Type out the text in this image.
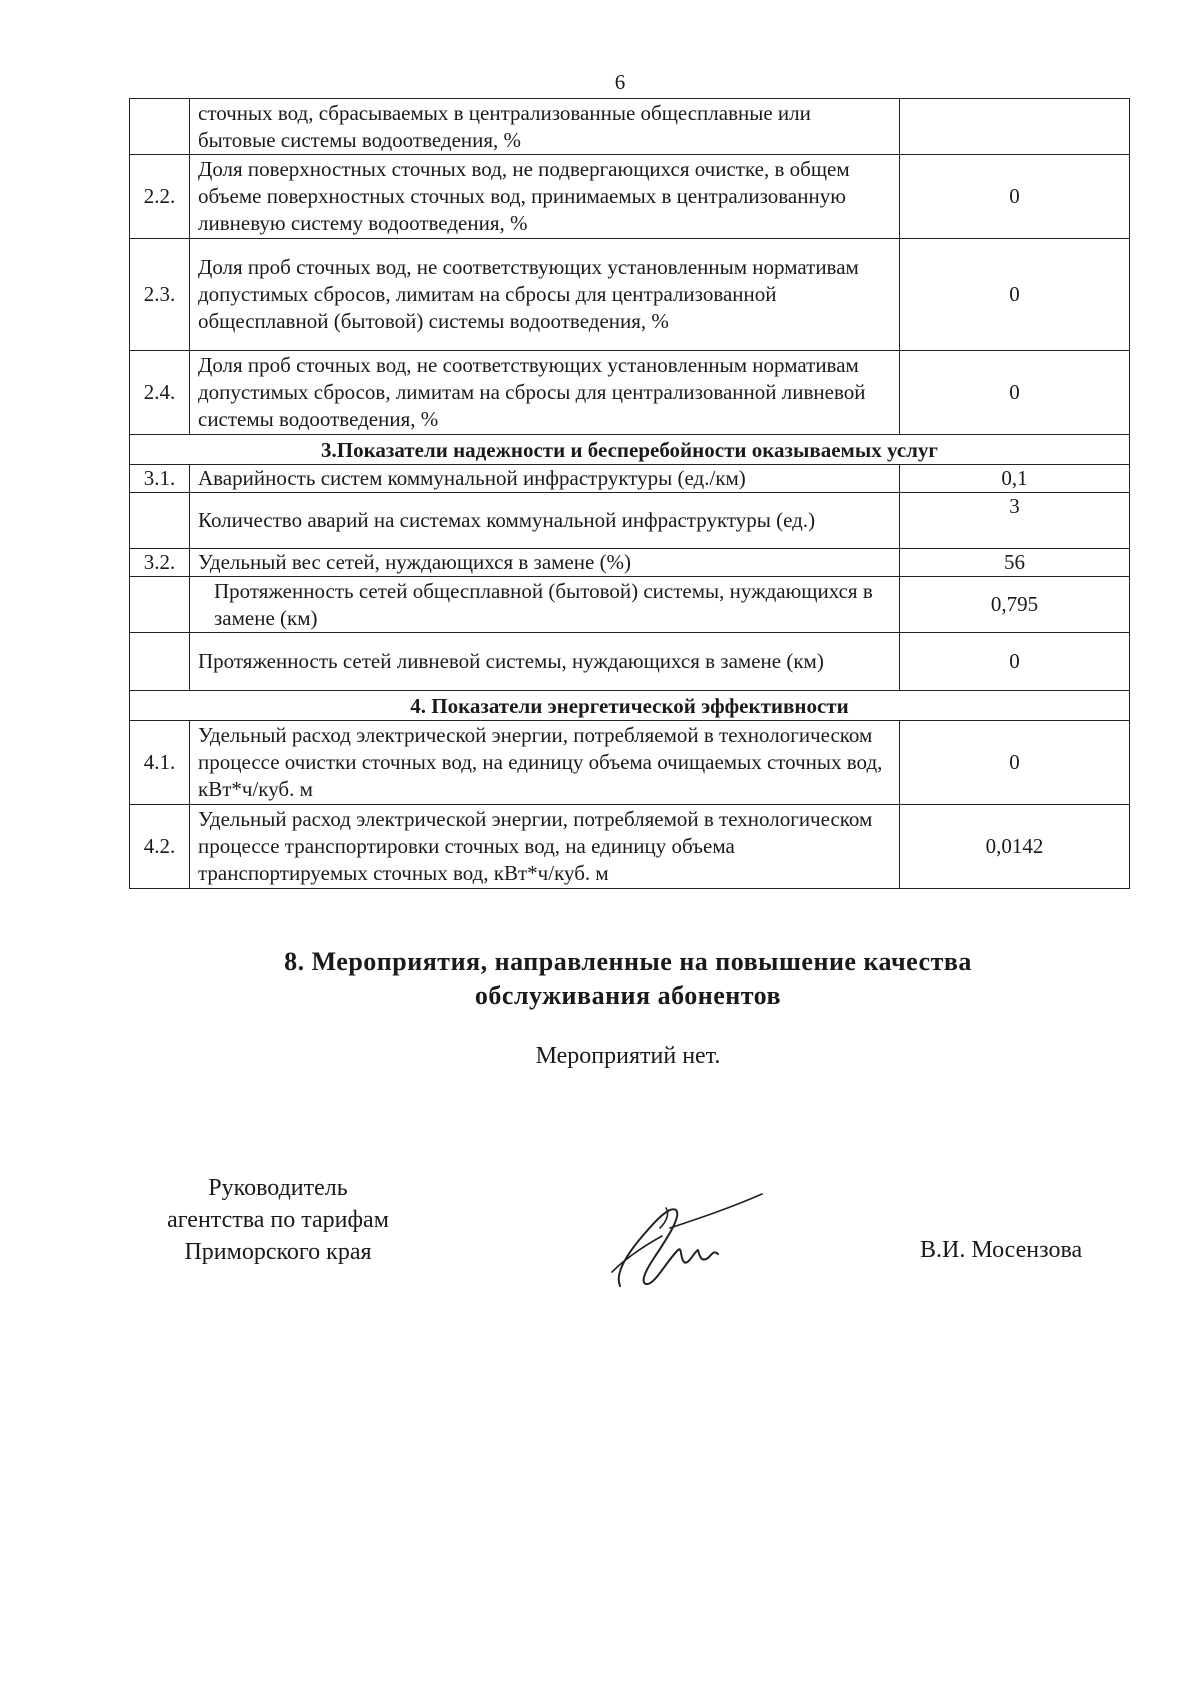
6
	сточных вод, сбрасываемых в централизованные общесплавные или бытовые системы водоотведения, %	
2.2.	Доля поверхностных сточных вод, не подвергающихся очистке, в общем объеме поверхностных сточных вод, принимаемых в централизованную ливневую систему водоотведения, %	0
2.3.	Доля проб сточных вод, не соответствующих установленным нормативам допустимых сбросов, лимитам на сбросы для централизованной общесплавной (бытовой) системы водоотведения, %	0
2.4.	Доля проб сточных вод, не соответствующих установленным нормативам допустимых сбросов, лимитам на сбросы для централизованной ливневой системы водоотведения, %	0
3.Показатели надежности и бесперебойности оказываемых услуг		
3.1.	Аварийность систем коммунальной инфраструктуры (ед./км)	0,1
	Количество аварий на системах коммунальной инфраструктуры (ед.)	3
3.2.	Удельный вес сетей, нуждающихся в замене (%)	56
	Протяженность сетей общесплавной (бытовой) системы, нуждающихся в замене (км)	0,795
	Протяженность сетей ливневой системы, нуждающихся в замене (км)	0
4. Показатели энергетической эффективности		
4.1.	Удельный расход электрической энергии, потребляемой в технологическом процессе очистки сточных вод, на единицу объема очищаемых сточных вод, кВт*ч/куб. м	0
4.2.	Удельный расход электрической энергии, потребляемой в технологическом процессе транспортировки сточных вод, на единицу объема транспортируемых сточных вод, кВт*ч/куб. м	0,0142
8. Мероприятия, направленные на повышение качества
обслуживания абонентов
Мероприятий нет.
Руководитель
агентства по тарифам
Приморского края	В.И. Мосензова
